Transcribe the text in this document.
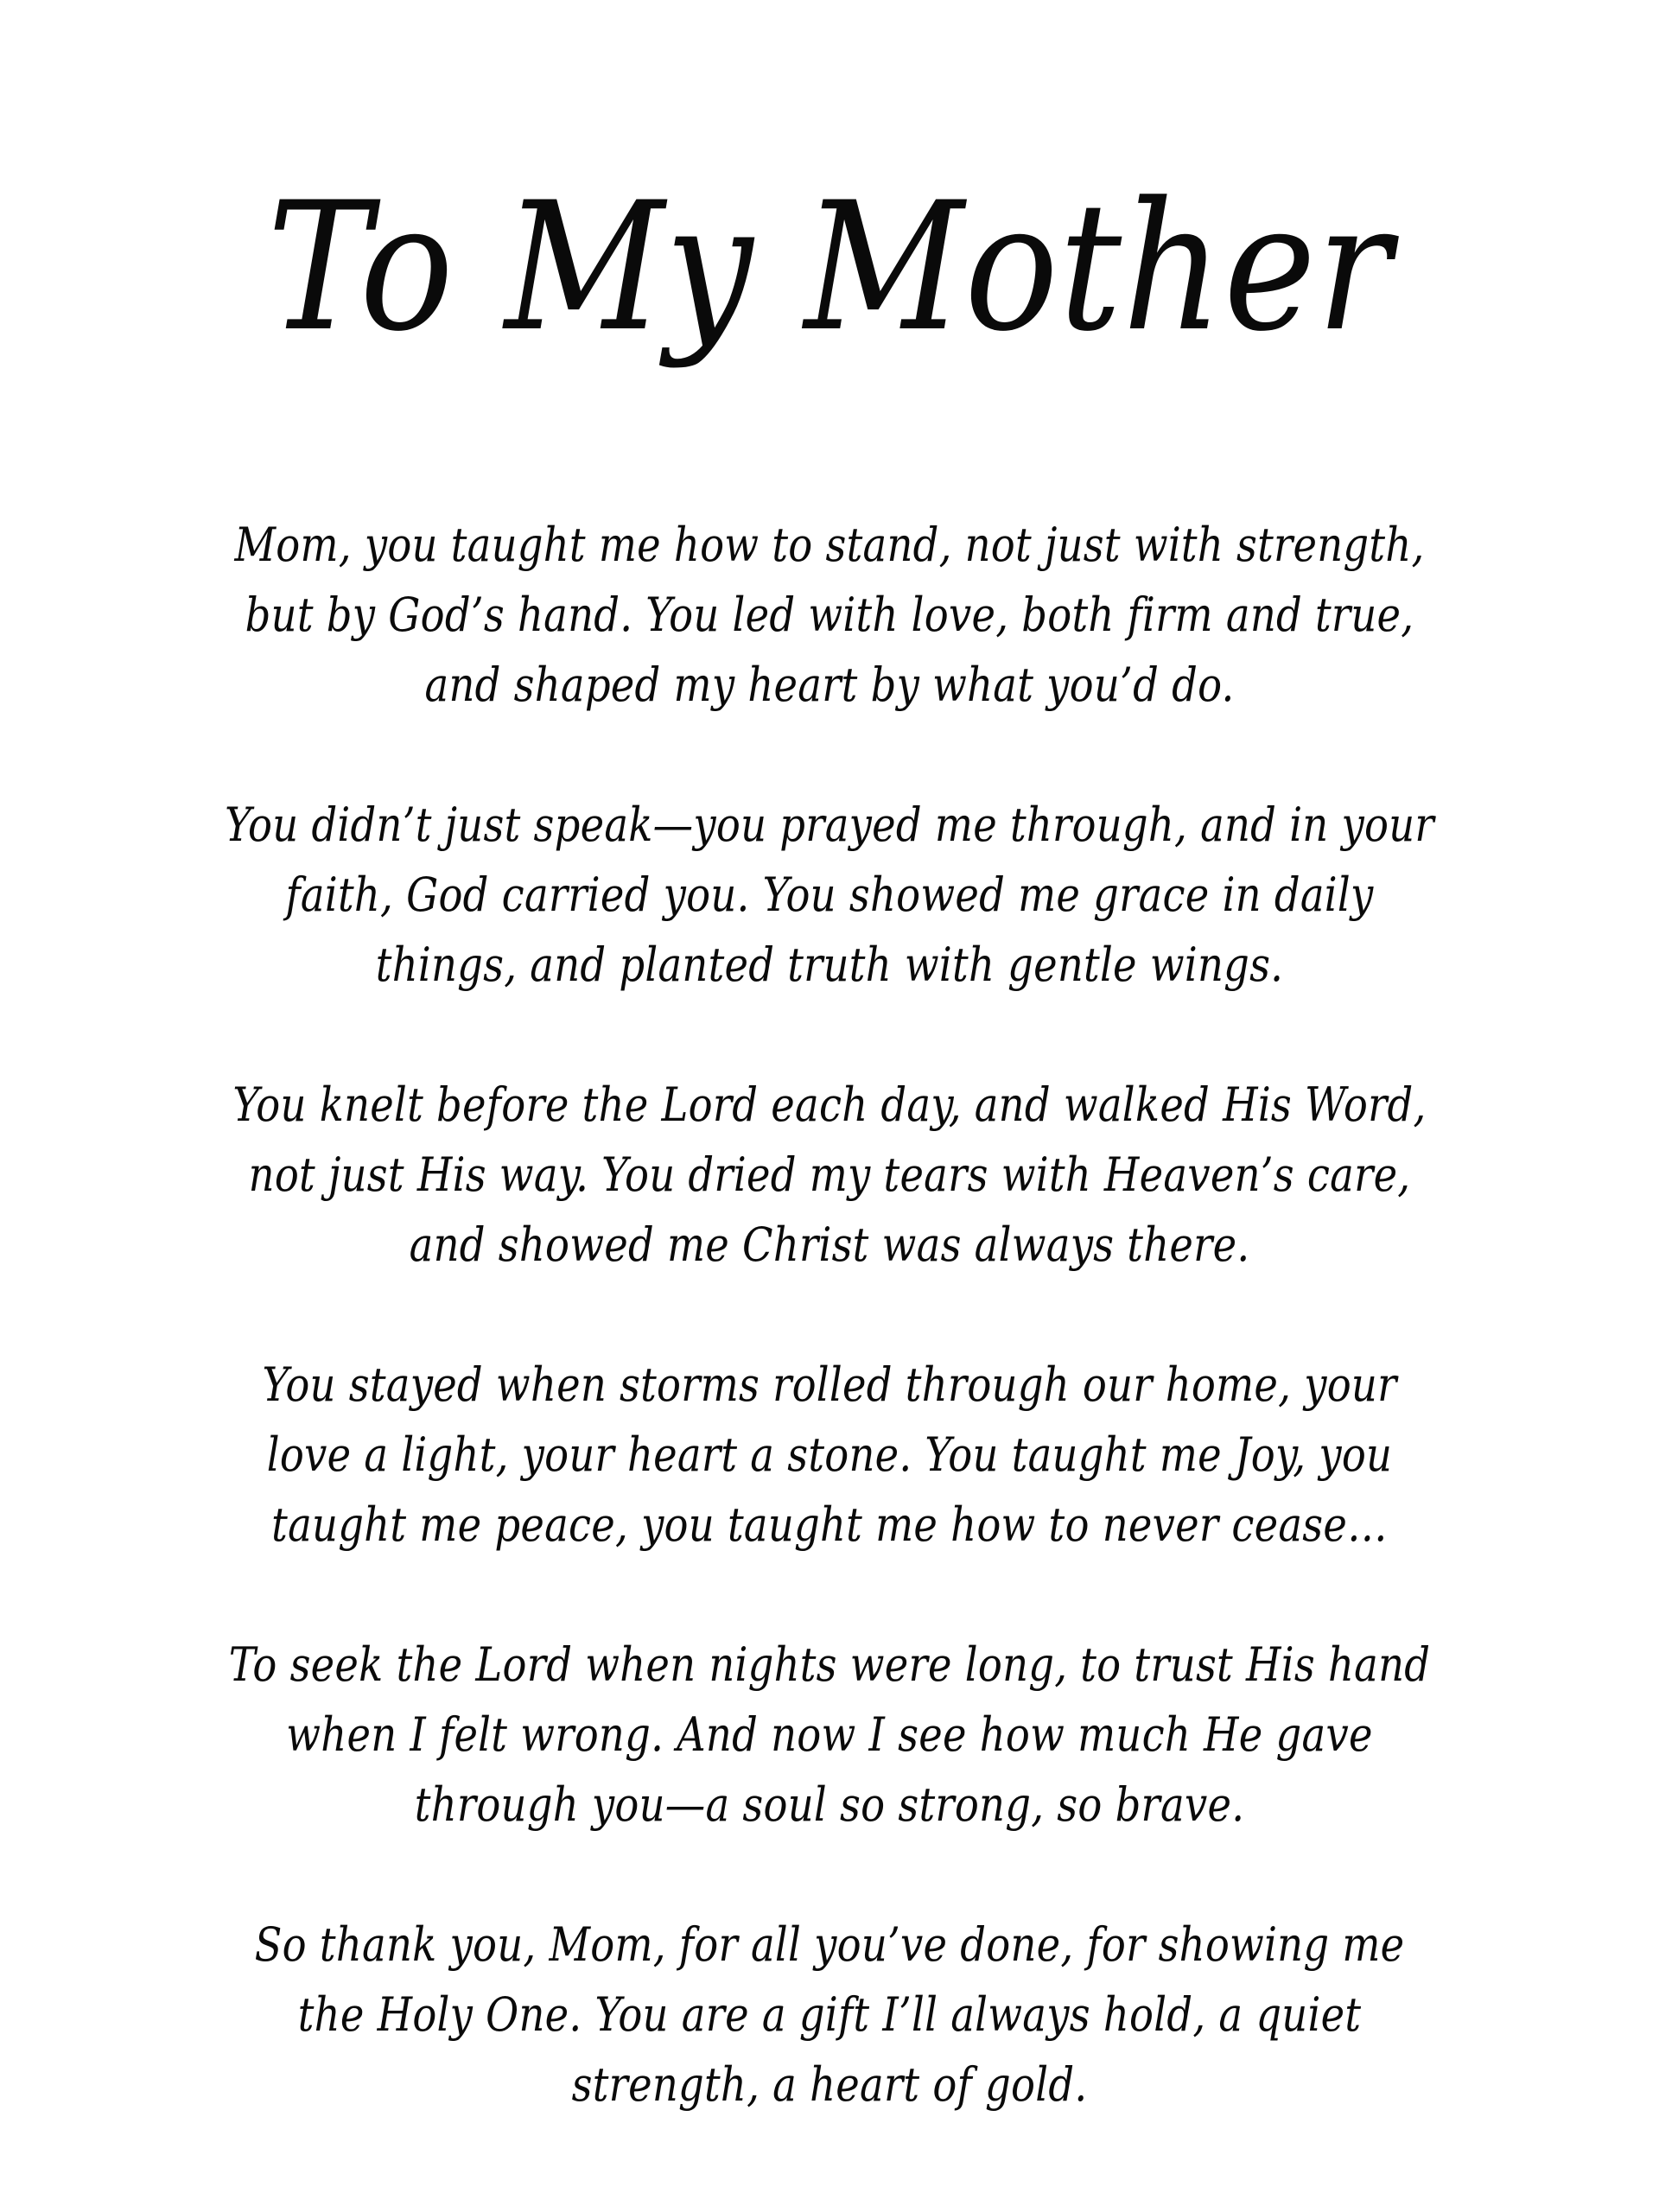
To My Mother

Mom, you taught me how to stand, not just with strength, but by God’s hand. You led with love, both firm and true, and shaped my heart by what you’d do.

You didn’t just speak—you prayed me through, and in your faith, God carried you. You showed me grace in daily things, and planted truth with gentle wings.

You knelt before the Lord each day, and walked His Word, not just His way. You dried my tears with Heaven’s care, and showed me Christ was always there.

You stayed when storms rolled through our home, your love a light, your heart a stone. You taught me Joy, you taught me peace, you taught me how to never cease…

To seek the Lord when nights were long, to trust His hand when I felt wrong. And now I see how much He gave through you—a soul so strong, so brave.

So thank you, Mom, for all you’ve done, for showing me the Holy One. You are a gift I’ll always hold, a quiet strength, a heart of gold.
